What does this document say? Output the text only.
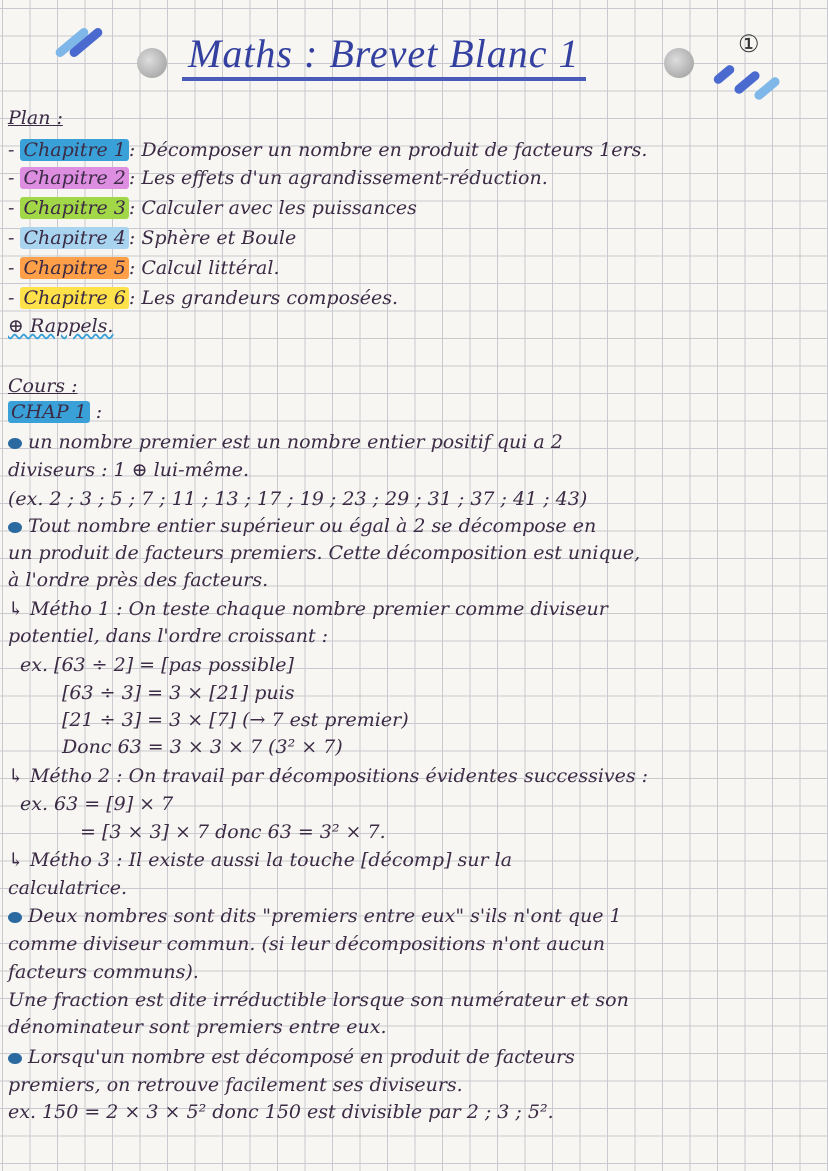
Maths : Brevet Blanc 1	①
Plan :
- Chapitre 1 : Décomposer un nombre en produit de facteurs 1ers.
- Chapitre 2 : Les effets d'un agrandissement-réduction.
- Chapitre 3 : Calculer avec les puissances
- Chapitre 4 : Sphère et Boule
- Chapitre 5 : Calcul littéral.
- Chapitre 6 : Les grandeurs composées.
⊕ Rappels.
Cours :
CHAP 1 :
un nombre premier est un nombre entier positif qui a 2
diviseurs : 1 ⊕ lui-même.
(ex. 2 ; 3 ; 5 ; 7 ; 11 ; 13 ; 17 ; 19 ; 23 ; 29 ; 31 ; 37 ; 41 ; 43)
Tout nombre entier supérieur ou égal à 2 se décompose en
un produit de facteurs premiers. Cette décomposition est unique,
à l'ordre près des facteurs.
↳ Métho 1 : On teste chaque nombre premier comme diviseur
potentiel, dans l'ordre croissant :
ex. [63 ÷ 2] = [pas possible]
[63 ÷ 3] = 3 × [21] puis
[21 ÷ 3] = 3 × [7] (→ 7 est premier)
Donc 63 = 3 × 3 × 7 (3² × 7)
↳ Métho 2 : On travail par décompositions évidentes successives :
ex. 63 = [9] × 7
= [3 × 3] × 7 donc 63 = 3² × 7.
↳ Métho 3 : Il existe aussi la touche [décomp] sur la
calculatrice.
Deux nombres sont dits "premiers entre eux" s'ils n'ont que 1
comme diviseur commun. (si leur décompositions n'ont aucun
facteurs communs).
Une fraction est dite irréductible lorsque son numérateur et son
dénominateur sont premiers entre eux.
Lorsqu'un nombre est décomposé en produit de facteurs
premiers, on retrouve facilement ses diviseurs.
ex. 150 = 2 × 3 × 5² donc 150 est divisible par 2 ; 3 ; 5².
